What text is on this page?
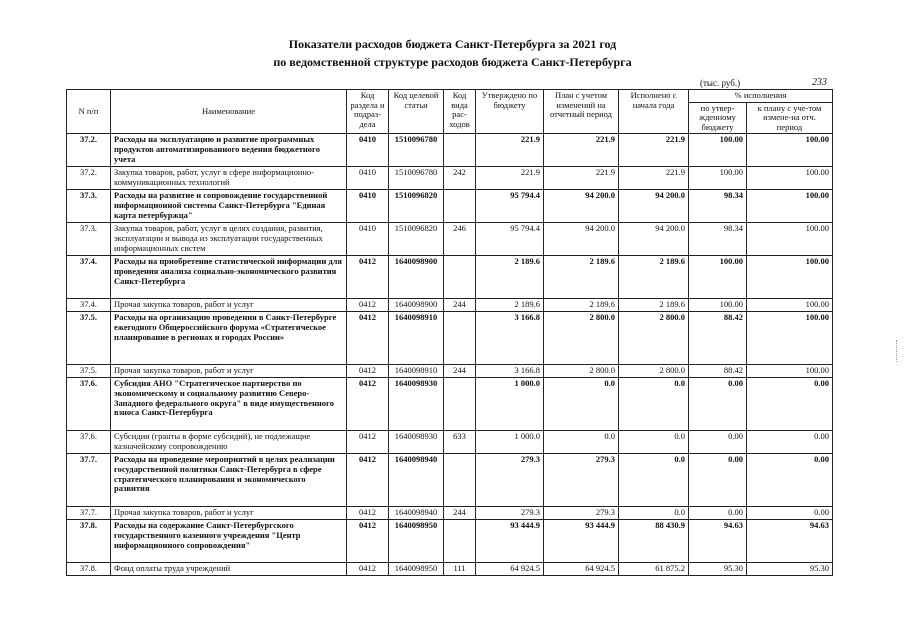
Показатели расходов бюджета Санкт-Петербурга за 2021 год
по ведомственной структуре расходов бюджета Санкт-Петербурга
(тыс. руб.)	233
N п/п	Наименование	Код раздела и подраз-дела	Код целевой статьи	Код вида рас-ходов	Утверждено по бюджету	План с учетом изменений на отчетный период	Исполнено с начала года	% исполнения	
								по утвер-жденному бюджету	к плану с уче-том измене-на отч. период
37.2.	Расходы на эксплуатацию и развитие программных продуктов автоматизированного ведения бюджетного учета	0410	1510096780		221.9	221.9	221.9	100.00	100.00
37.2.	Закупка товаров, работ, услуг в сфере информационно-коммуникационных технологий	0410	1510096780	242	221.9	221.9	221.9	100.00	100.00
37.3.	Расходы на развитие и сопровождение государственной информационной системы Санкт-Петербурга "Единая карта петербуржца"	0410	1510096820		95 794.4	94 200.0	94 200.0	98.34	100.00
37.3.	Закупка товаров, работ, услуг в целях создания, развития, эксплуатации и вывода из эксплуатации государственных информационных систем	0410	1510096820	246	95 794.4	94 200.0	94 200.0	98.34	100.00
37.4.	Расходы на приобретение статистической информации для проведения анализа социально-экономического развития Санкт-Петербурга	0412	1640098900		2 189.6	2 189.6	2 189.6	100.00	100.00
37.4.	Прочая закупка товаров, работ и услуг	0412	1640098900	244	2 189.6	2 189.6	2 189.6	100.00	100.00
37.5.	Расходы на организацию проведения в Санкт-Петербурге ежегодного Общероссийского форума «Стратегическое планирование в регионах и городах России»	0412	1640098910		3 166.8	2 800.0	2 800.0	88.42	100.00
37.5.	Прочая закупка товаров, работ и услуг	0412	1640098910	244	3 166.8	2 800.0	2 800.0	88.42	100.00
37.6.	Субсидия АНО "Стратегическое партнерство по экономическому и социальному развитию Северо-Западного федерального округа" в виде имущественного взноса Санкт-Петербурга	0412	1640098930		1 000.0	0.0	0.0	0.00	0.00
37.6.	Субсидии (гранты в форме субсидий), не подлежащие казначейскому сопровождению	0412	1640098930	633	1 000.0	0.0	0.0	0.00	0.00
37.7.	Расходы на проведение мероприятий в целях реализации государственной политики Санкт-Петербурга в сфере стратегического планирования и экономического развития	0412	1640098940		279.3	279.3	0.0	0.00	0.00
37.7.	Прочая закупка товаров, работ и услуг	0412	1640098940	244	279.3	279.3	0.0	0.00	0.00
37.8.	Расходы на содержание Санкт-Петербургского государственного казенного учреждения "Центр информационного сопровождения"	0412	1640098950		93 444.9	93 444.9	88 430.9	94.63	94.63
37.8.	Фонд оплаты труда учреждений	0412	1640098950	111	64 924.5	64 924.5	61 875.2	95.30	95.30
